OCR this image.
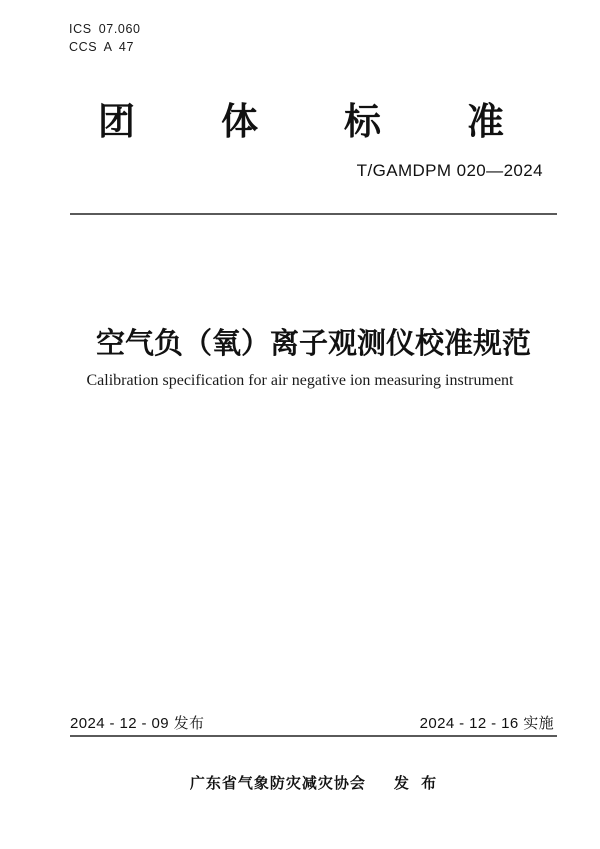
ICS 07.060
CCS A 47
团体标准
T/GAMDPM 020—2024
空气负（氧）离子观测仪校准规范
Calibration specification for air negative ion measuring instrument
2024 - 12 - 09 发布	2024 - 12 - 16 实施
广东省气象防灾减灾协会 发 布
